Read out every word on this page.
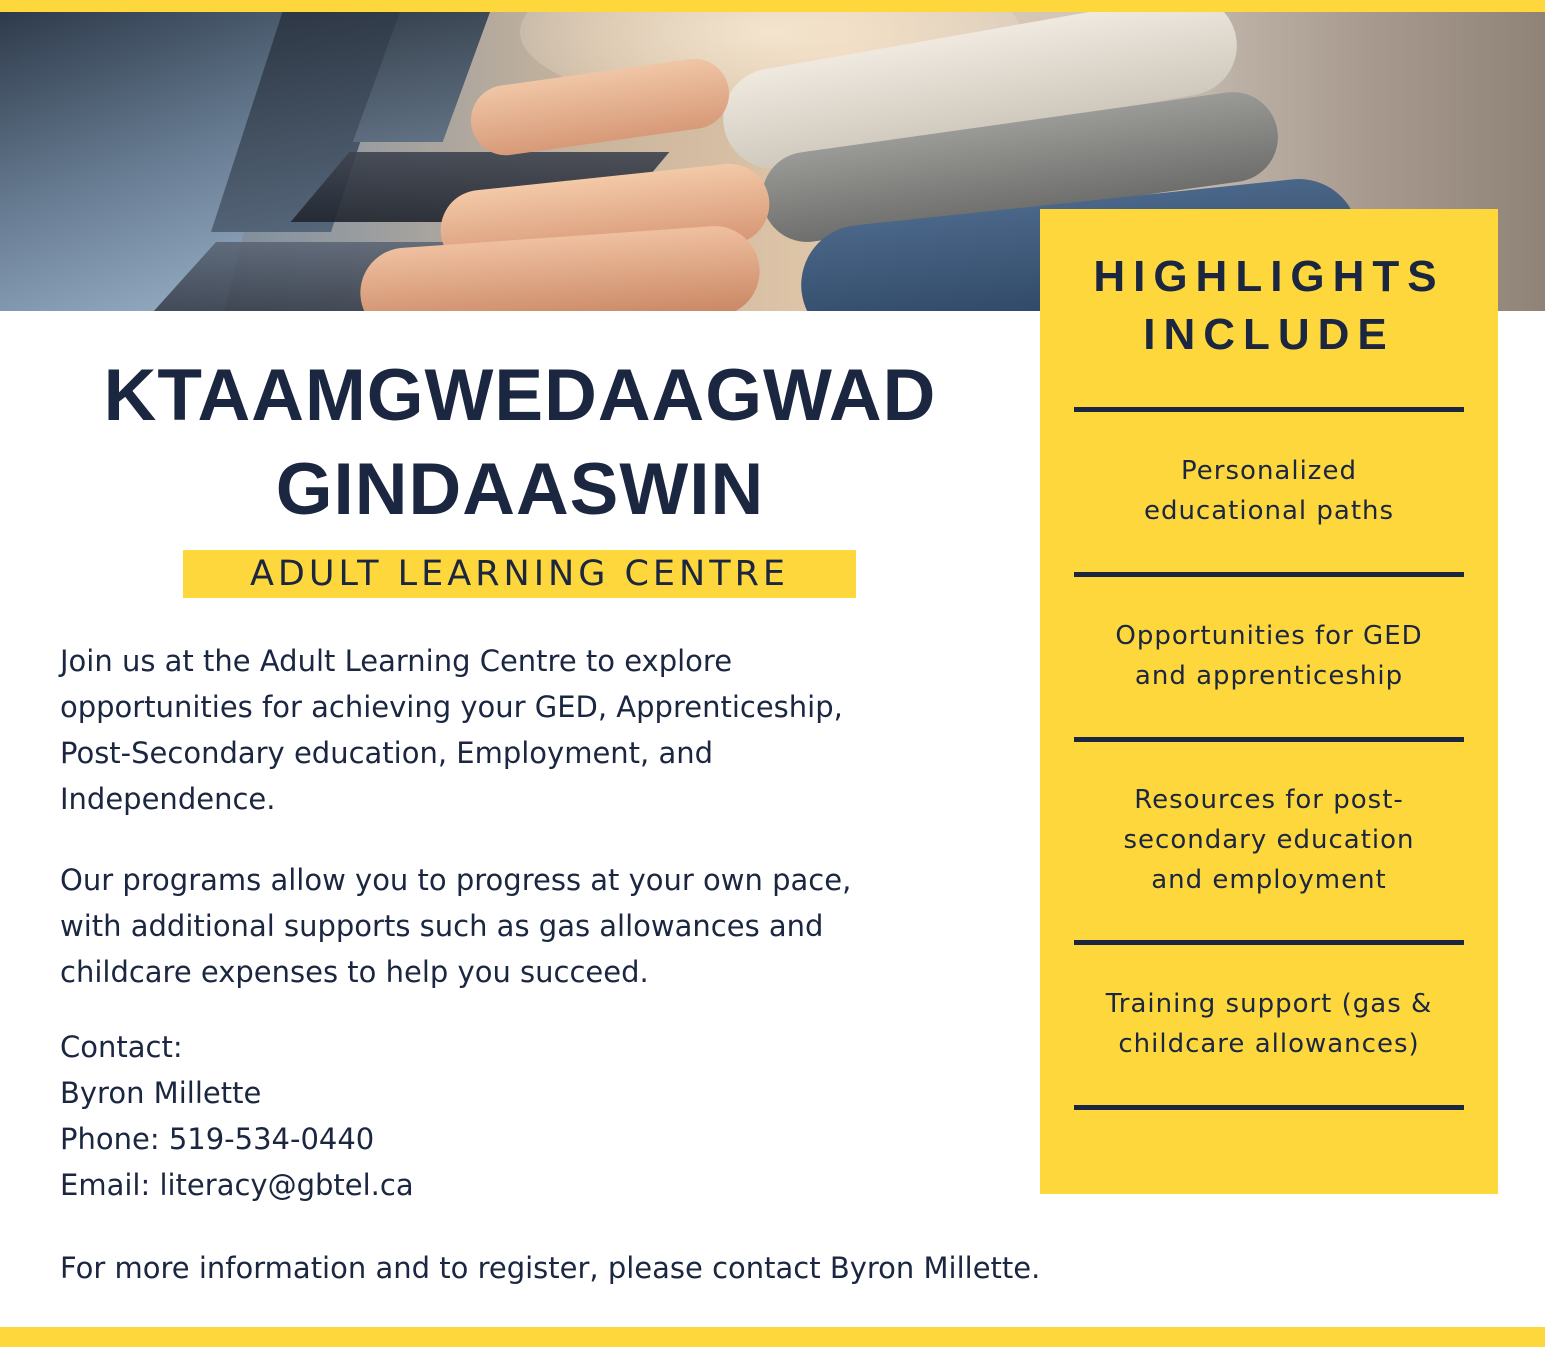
KTAAMGWEDAAGWAD
GINDAASWIN
ADULT LEARNING CENTRE
Join us at the Adult Learning Centre to explore
opportunities for achieving your GED, Apprenticeship,
Post-Secondary education, Employment, and
Independence.
Our programs allow you to progress at your own pace,
with additional supports such as gas allowances and
childcare expenses to help you succeed.
Contact:
Byron Millette
Phone: 519-534-0440
Email: literacy@gbtel.ca
For more information and to register, please contact Byron Millette.
HIGHLIGHTS
INCLUDE
Personalized
educational paths
Opportunities for GED
and apprenticeship
Resources for post-
secondary education
and employment
Training support (gas &
childcare allowances)
